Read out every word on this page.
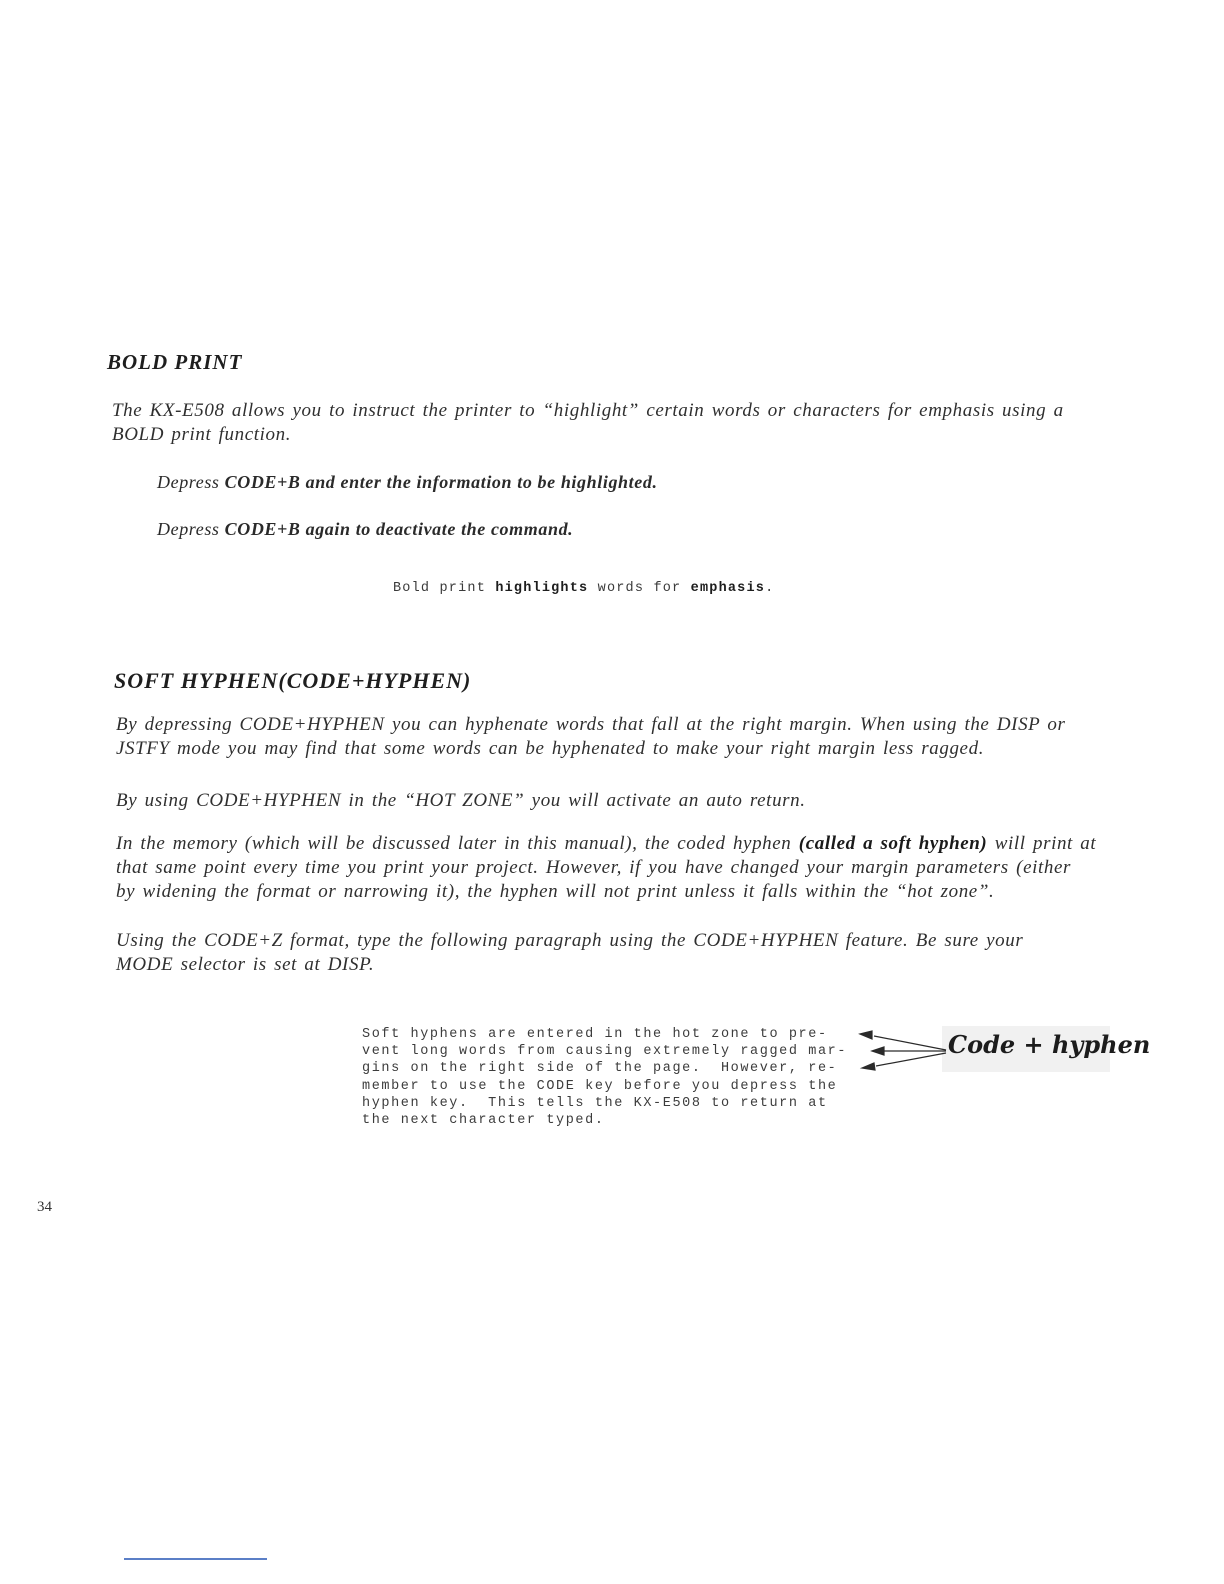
BOLD PRINT
The KX-E508 allows you to instruct the printer to “highlight” certain words or characters for emphasis using a
BOLD print function.
Depress CODE+B and enter the information to be highlighted.
Depress CODE+B again to deactivate the command.
Bold print highlights words for emphasis.
SOFT HYPHEN(CODE+HYPHEN)
By depressing CODE+HYPHEN you can hyphenate words that fall at the right margin. When using the DISP or
JSTFY mode you may find that some words can be hyphenated to make your right margin less ragged.
By using CODE+HYPHEN in the “HOT ZONE” you will activate an auto return.
In the memory (which will be discussed later in this manual), the coded hyphen (called a soft hyphen) will print at
that same point every time you print your project. However, if you have changed your margin parameters (either
by widening the format or narrowing it), the hyphen will not print unless it falls within the “hot zone”.
Using the CODE+Z format, type the following paragraph using the CODE+HYPHEN feature. Be sure your
MODE selector is set at DISP.
Soft hyphens are entered in the hot zone to pre-
vent long words from causing extremely ragged mar-
gins on the right side of the page.  However, re-
member to use the CODE key before you depress the
hyphen key.  This tells the KX-E508 to return at
the next character typed.
Code + hyphen
34
